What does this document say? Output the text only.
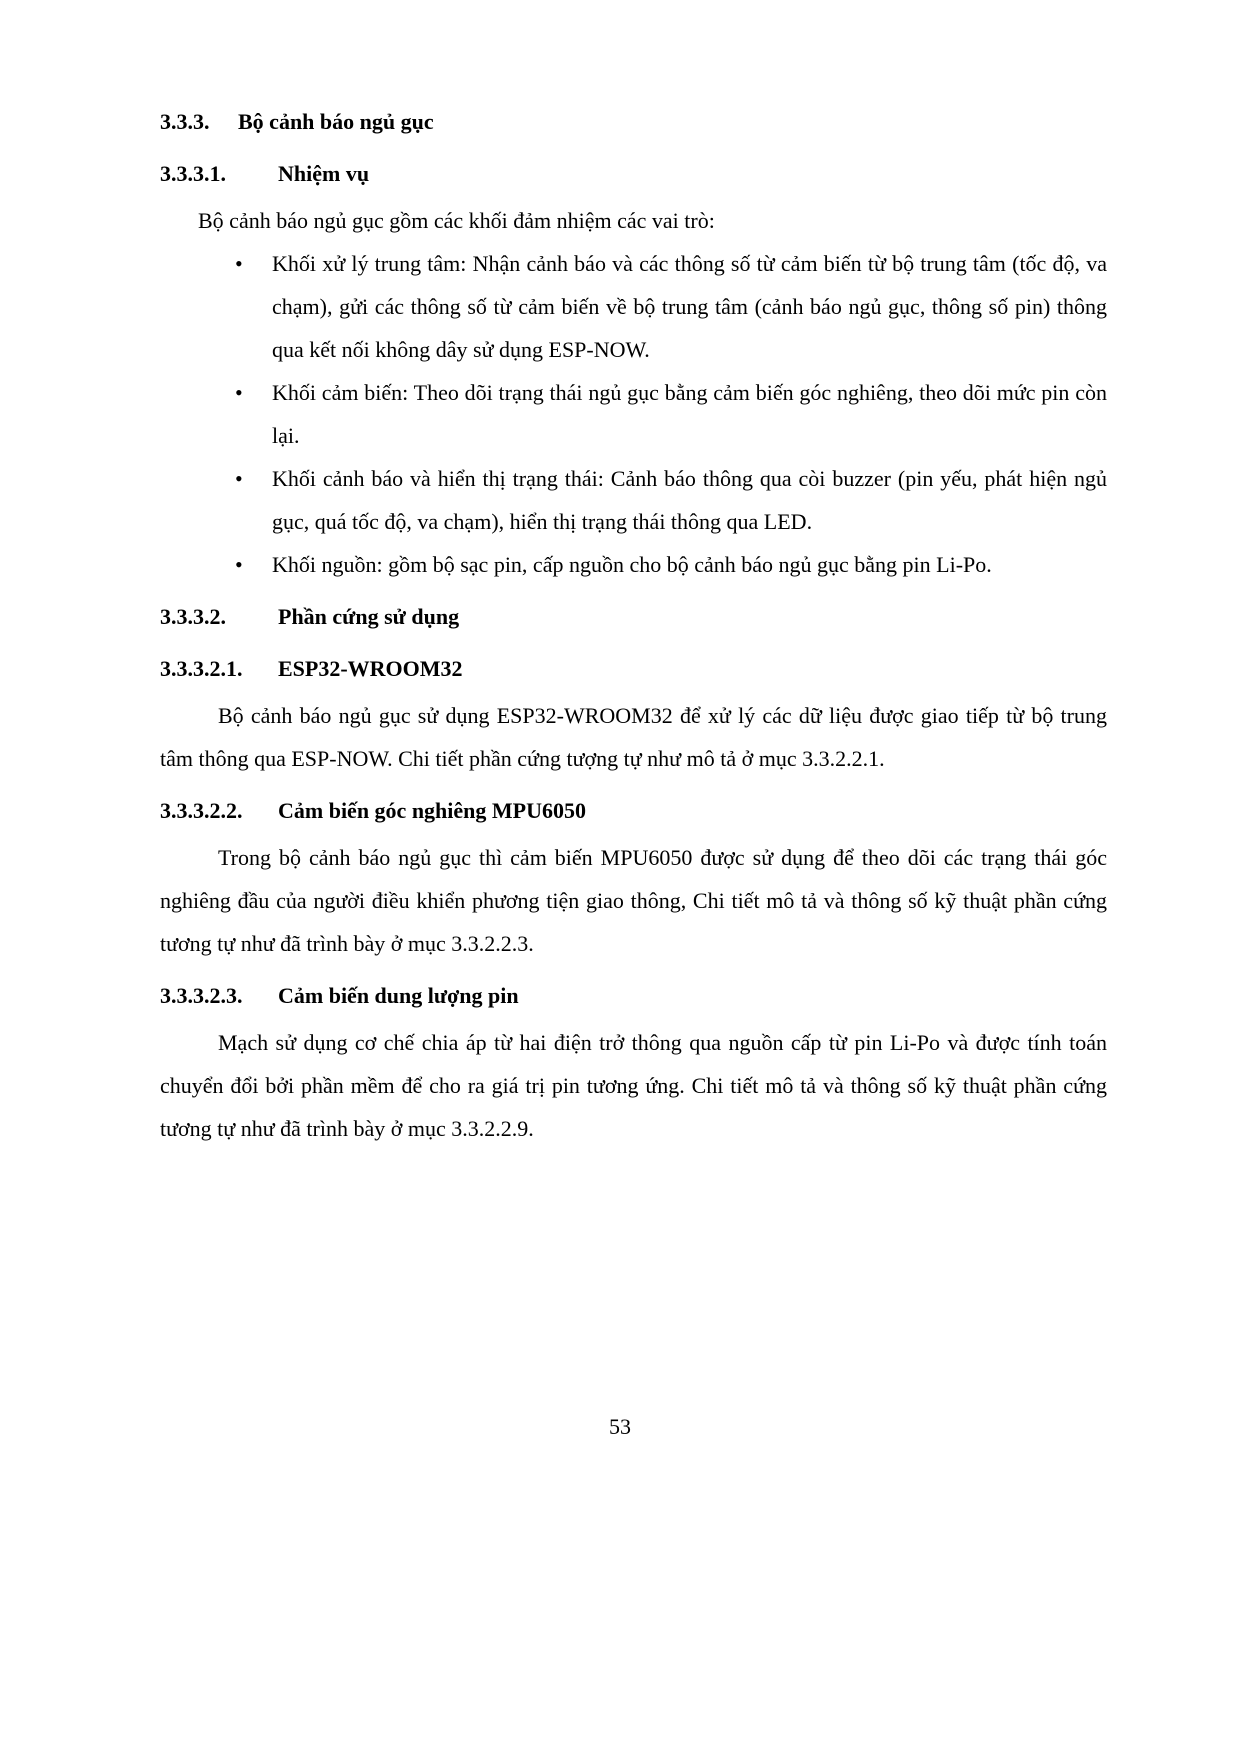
3.3.3. Bộ cảnh báo ngủ gục
3.3.3.1. Nhiệm vụ

Bộ cảnh báo ngủ gục gồm các khối đảm nhiệm các vai trò:

•	Khối xử lý trung tâm: Nhận cảnh báo và các thông số từ cảm biến từ bộ trung tâm (tốc độ, va chạm), gửi các thông số từ cảm biến về bộ trung tâm (cảnh báo ngủ gục, thông số pin) thông qua kết nối không dây sử dụng ESP-NOW.
•	Khối cảm biến: Theo dõi trạng thái ngủ gục bằng cảm biến góc nghiêng, theo dõi mức pin còn lại.
•	Khối cảnh báo và hiển thị trạng thái: Cảnh báo thông qua còi buzzer (pin yếu, phát hiện ngủ gục, quá tốc độ, va chạm), hiển thị trạng thái thông qua LED.
•	Khối nguồn: gồm bộ sạc pin, cấp nguồn cho bộ cảnh báo ngủ gục bằng pin Li-Po.
3.3.3.2. Phần cứng sử dụng
3.3.3.2.1. ESP32-WROOM32

Bộ cảnh báo ngủ gục sử dụng ESP32-WROOM32 để xử lý các dữ liệu được giao tiếp từ bộ trung tâm thông qua ESP-NOW. Chi tiết phần cứng tượng tự như mô tả ở mục 3.3.2.2.1.

3.3.3.2.2. Cảm biến góc nghiêng MPU6050

Trong bộ cảnh báo ngủ gục thì cảm biến MPU6050 được sử dụng để theo dõi các trạng thái góc nghiêng đầu của người điều khiển phương tiện giao thông, Chi tiết mô tả và thông số kỹ thuật phần cứng tương tự như đã trình bày ở mục 3.3.2.2.3.

3.3.3.2.3. Cảm biến dung lượng pin

Mạch sử dụng cơ chế chia áp từ hai điện trở thông qua nguồn cấp từ pin Li-Po và được tính toán chuyển đổi bởi phần mềm để cho ra giá trị pin tương ứng. Chi tiết mô tả và thông số kỹ thuật phần cứng tương tự như đã trình bày ở mục 3.3.2.2.9.

53
